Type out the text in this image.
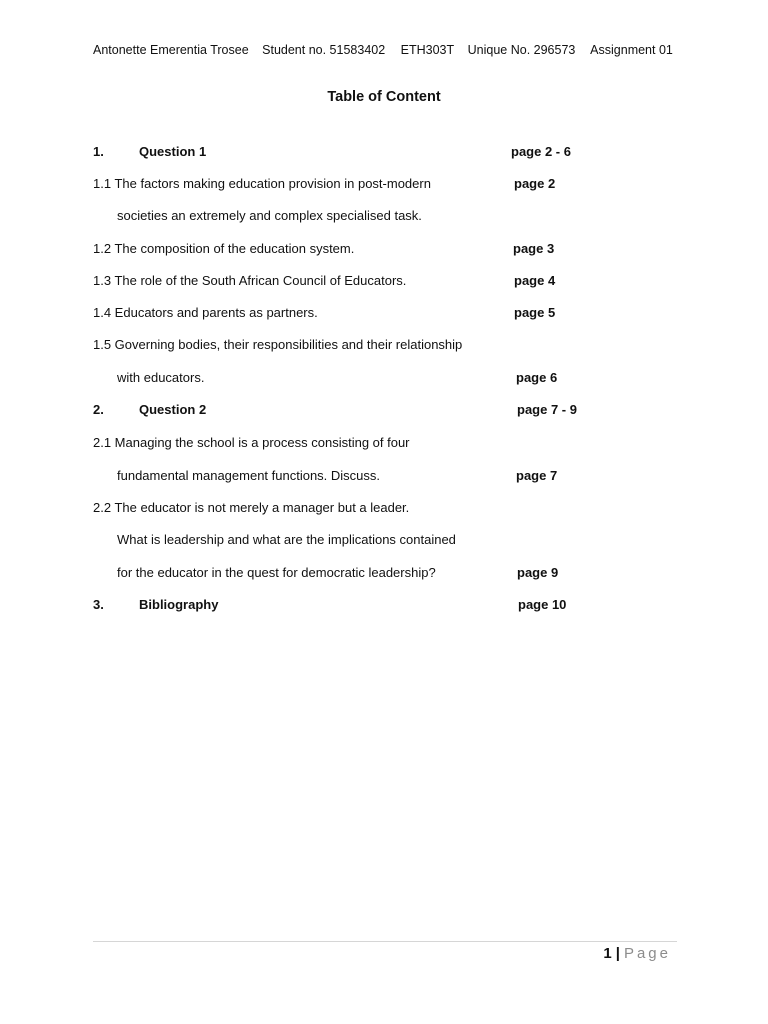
Antonette Emerentia Trosee Student no. 51583402 ETH303T Unique No. 296573 Assignment 01
Table of Content
1.	Question 1	page 2 - 6
1.1 The factors making education provision in post-modern	page 2
societies an extremely and complex specialised task.
1.2 The composition of the education system.	page 3
1.3 The role of the South African Council of Educators.	page 4
1.4 Educators and parents as partners.	page 5
1.5 Governing bodies, their responsibilities and their relationship
with educators.	page 6
2.	Question 2	page 7 - 9
2.1 Managing the school is a process consisting of four
fundamental management functions. Discuss.	page 7
2.2 The educator is not merely a manager but a leader.
What is leadership and what are the implications contained
for the educator in the quest for democratic leadership?	page 9
3.	Bibliography	page 10
1 | Page
